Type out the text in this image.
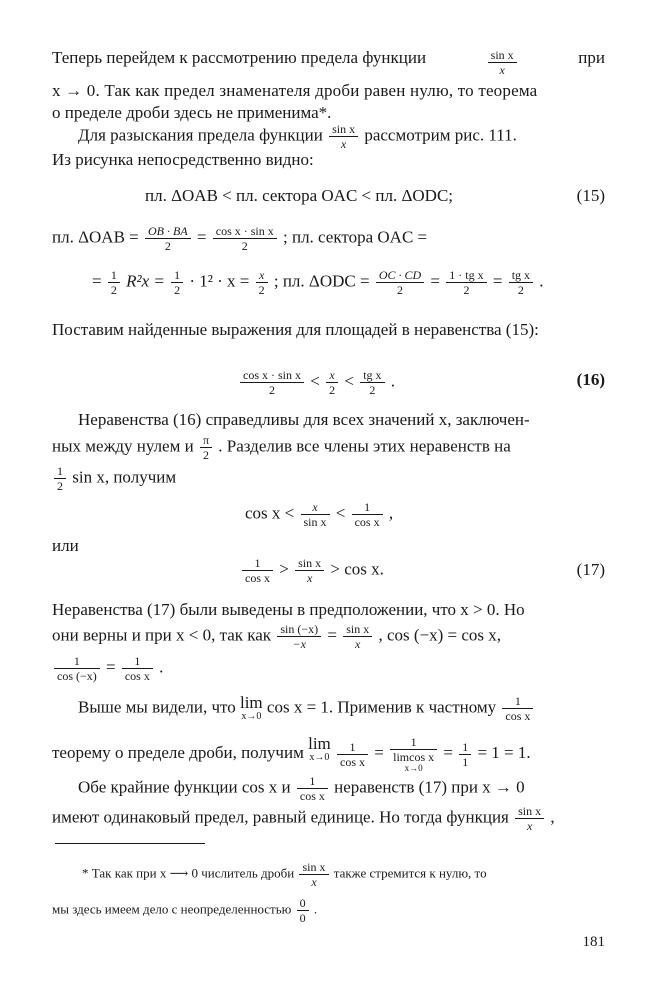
Теперь перейдем к рассмотрению предела функции	$\frac{\text{sin x}}{x}$	при
x → 0. Так как предел знаменателя дроби равен нулю, то теорема
о пределе дроби здесь не применима*.
Для разыскания предела функции $\frac{\text{sin x}}{x}$ рассмотрим рис. 111.
Из рисунка непосредственно видно:
пл. ΔOAB < пл. сектора OAC < пл. ΔODC;	(15)
пл. $\Delta OAB = \frac{OB \cdot BA}{2} = \frac{\text{cos x · sin x}}{2}$ ; пл. сектора OAC =
= $\frac{1}{2} R^2x = \frac{1}{2} \cdot 1^2 \cdot x = \frac{x}{2}$ ; пл. $\Delta ODC = \frac{OC \cdot CD}{2} = \frac{\text{1 · tg x}}{2} = \frac{\text{tg x}}{2}$ .
Поставим найденные выражения для площадей в неравенства (15):
$\frac{\text{cos x · sin x}}{2} < \frac{x}{2} < \frac{\text{tg x}}{2}$ .	(16)
Неравенства (16) справедливы для всех значений x, заключен-
ных между нулем и $\frac{\pi}{2}$ . Разделив все члены этих неравенств на
$\frac{1}{2}$ sin x, получим
$\cos x < \frac{x}{\text{sin x}} < \frac{1}{\text{cos x}}$ ,
или
$\frac{1}{\text{cos x}} > \frac{\text{sin x}}{x} > \cos x$.	(17)
Неравенства (17) были выведены в предположении, что x > 0. Но
они верны и при x < 0, так как $\frac{\sin (-x)}{-x} = \frac{\text{sin x}}{x}$ , cos (−x) = cos x,
$\frac{1}{\cos (-x)} = \frac{1}{\text{cos x}}$ .
Выше мы видели, что lim
x→0
cos x = 1. Применив к частному $\frac{1}{\text{cos x}}$
теорему о пределе дроби, получим lim
x→0
$\frac{1}{\text{cos x}}$ =
1
limcos x
x→0
= $\frac{1}{1} = 1 = 1$.
Обе крайние функции cos x и $\frac{1}{\text{cos x}}$ неравенств (17) при x → 0
имеют одинаковый предел, равный единице. Но тогда функция $\frac{\text{sin x}}{x}$ ,
* Так как при x ⟶ 0 числитель дроби $\frac{\text{sin x}}{x}$ также стремится к нулю, то
мы здесь имеем дело с неопределенностью $\frac{0}{0}$ .
181
